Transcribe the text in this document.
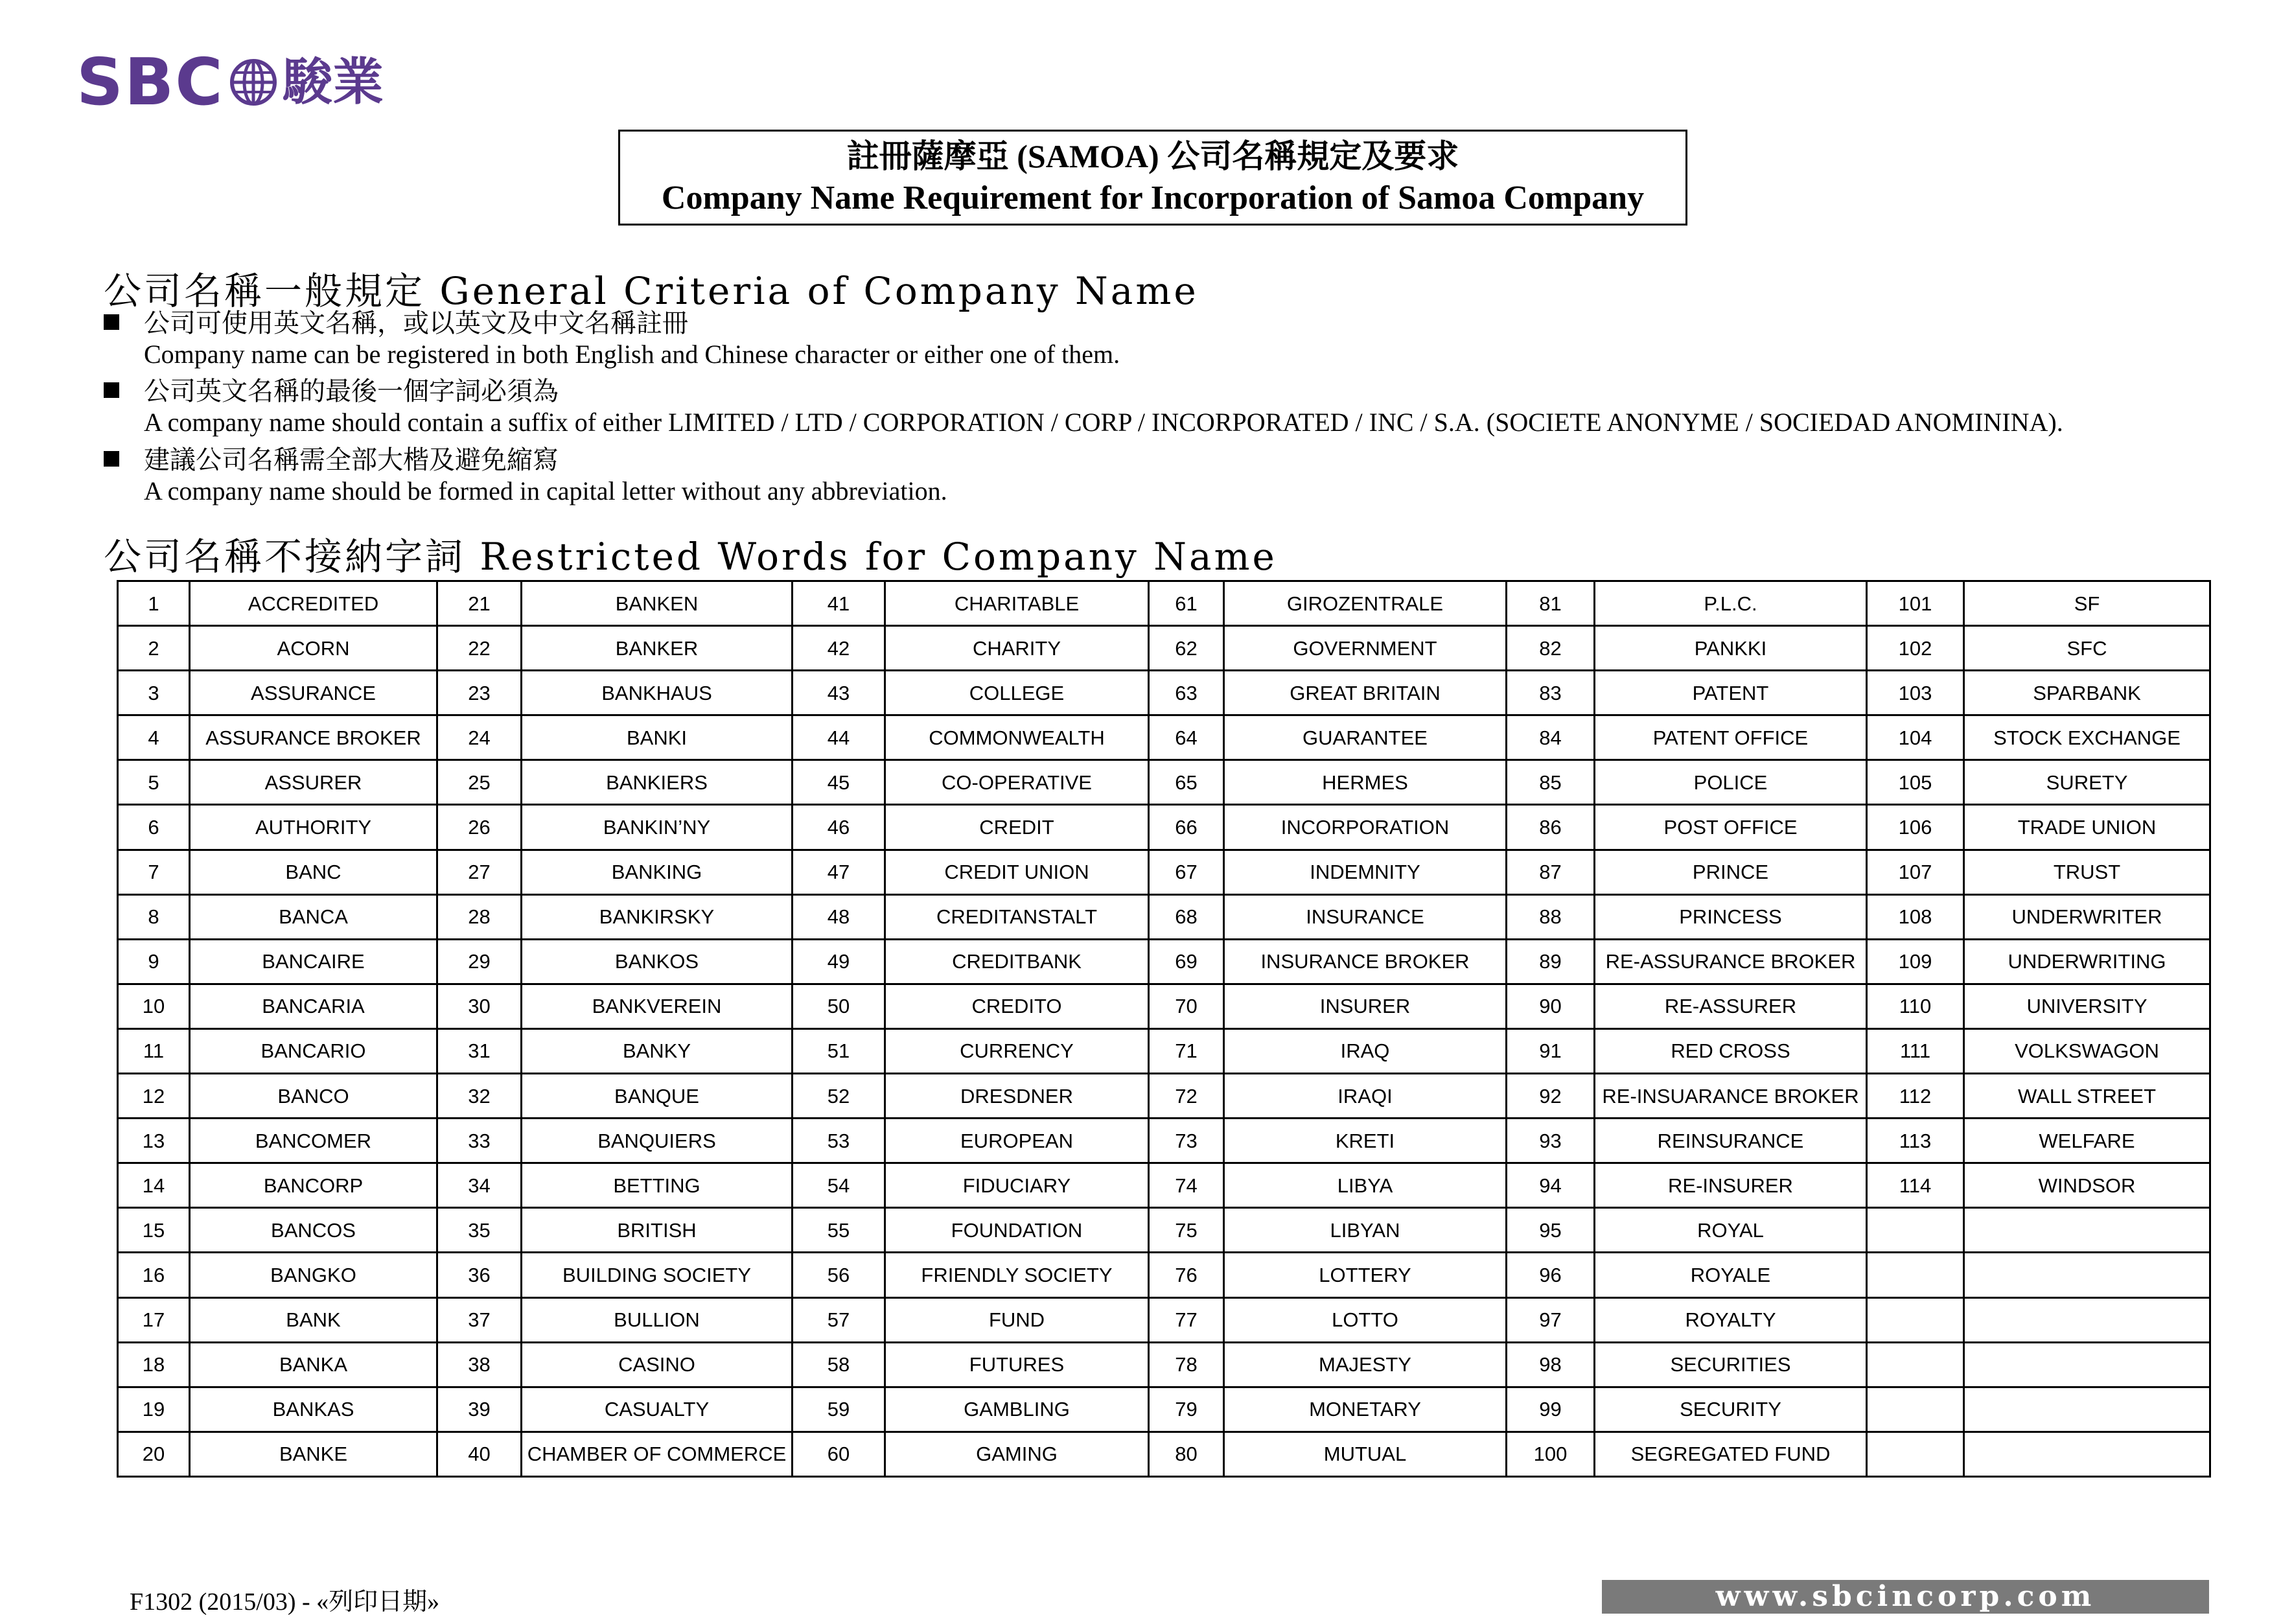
SBC 駿業
註冊薩摩亞 (SAMOA) 公司名稱規定及要求
Company Name Requirement for Incorporation of Samoa Company
公司名稱一般規定 General Criteria of Company Name
公司可使用英文名稱，或以英文及中文名稱註冊
Company name can be registered in both English and Chinese character or either one of them.
公司英文名稱的最後一個字詞必須為
A company name should contain a suffix of either LIMITED / LTD / CORPORATION / CORP / INCORPORATED / INC / S.A. (SOCIETE ANONYME / SOCIEDAD ANOMININA).
建議公司名稱需全部大楷及避免縮寫
A company name should be formed in capital letter without any abbreviation.
公司名稱不接納字詞 Restricted Words for Company Name
1	ACCREDITED	21	BANKEN	41	CHARITABLE	61	GIROZENTRALE	81	P.L.C.	101	SF
2	ACORN	22	BANKER	42	CHARITY	62	GOVERNMENT	82	PANKKI	102	SFC
3	ASSURANCE	23	BANKHAUS	43	COLLEGE	63	GREAT BRITAIN	83	PATENT	103	SPARBANK
4	ASSURANCE BROKER	24	BANKI	44	COMMONWEALTH	64	GUARANTEE	84	PATENT OFFICE	104	STOCK EXCHANGE
5	ASSURER	25	BANKIERS	45	CO-OPERATIVE	65	HERMES	85	POLICE	105	SURETY
6	AUTHORITY	26	BANKIN’NY	46	CREDIT	66	INCORPORATION	86	POST OFFICE	106	TRADE UNION
7	BANC	27	BANKING	47	CREDIT UNION	67	INDEMNITY	87	PRINCE	107	TRUST
8	BANCA	28	BANKIRSKY	48	CREDITANSTALT	68	INSURANCE	88	PRINCESS	108	UNDERWRITER
9	BANCAIRE	29	BANKOS	49	CREDITBANK	69	INSURANCE BROKER	89	RE-ASSURANCE BROKER	109	UNDERWRITING
10	BANCARIA	30	BANKVEREIN	50	CREDITO	70	INSURER	90	RE-ASSURER	110	UNIVERSITY
11	BANCARIO	31	BANKY	51	CURRENCY	71	IRAQ	91	RED CROSS	111	VOLKSWAGON
12	BANCO	32	BANQUE	52	DRESDNER	72	IRAQI	92	RE-INSUARANCE BROKER	112	WALL STREET
13	BANCOMER	33	BANQUIERS	53	EUROPEAN	73	KRETI	93	REINSURANCE	113	WELFARE
14	BANCORP	34	BETTING	54	FIDUCIARY	74	LIBYA	94	RE-INSURER	114	WINDSOR
15	BANCOS	35	BRITISH	55	FOUNDATION	75	LIBYAN	95	ROYAL		
16	BANGKO	36	BUILDING SOCIETY	56	FRIENDLY SOCIETY	76	LOTTERY	96	ROYALE		
17	BANK	37	BULLION	57	FUND	77	LOTTO	97	ROYALTY		
18	BANKA	38	CASINO	58	FUTURES	78	MAJESTY	98	SECURITIES		
19	BANKAS	39	CASUALTY	59	GAMBLING	79	MONETARY	99	SECURITY		
20	BANKE	40	CHAMBER OF COMMERCE	60	GAMING	80	MUTUAL	100	SEGREGATED FUND		
F1302 (2015/03) - «列印日期»	www.sbcincorp.com
